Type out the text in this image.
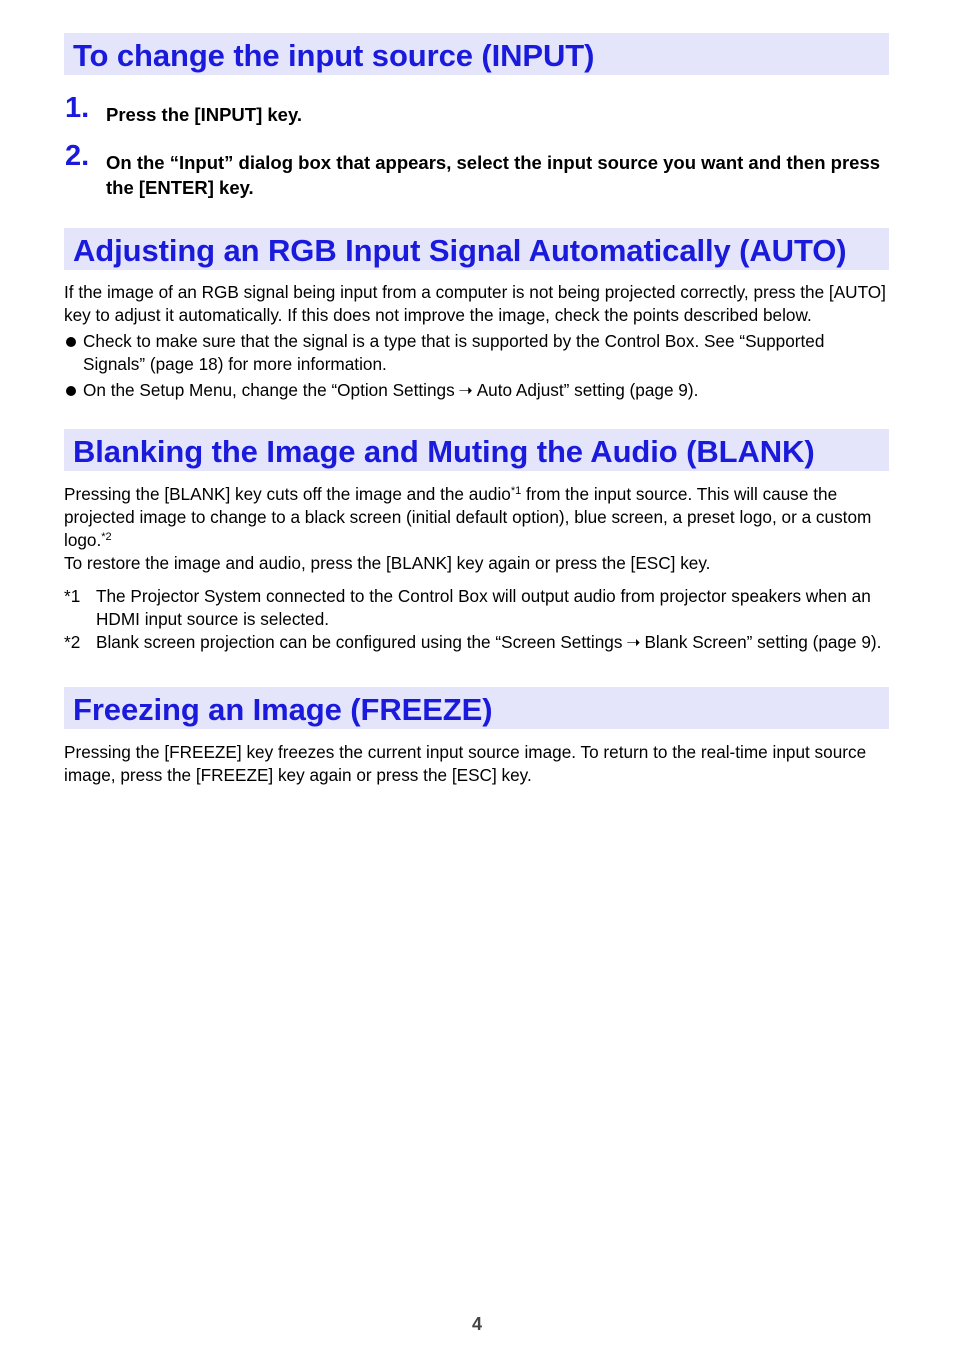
To change the input source (INPUT)
1. Press the [INPUT] key.
2. On the “Input” dialog box that appears, select the input source you want and then press the [ENTER] key.
Adjusting an RGB Input Signal Automatically (AUTO)

If the image of an RGB signal being input from a computer is not being projected correctly, press the [AUTO] key to adjust it automatically. If this does not improve the image, check the points described below.

Check to make sure that the signal is a type that is supported by the Control Box. See “Supported Signals” (page 18) for more information.
On the Setup Menu, change the “Option Settings ➝ Auto Adjust” setting (page 9).
Blanking the Image and Muting the Audio (BLANK)

Pressing the [BLANK] key cuts off the image and the audio$^{*1}$ from the input source. This will cause the projected image to change to a black screen (initial default option), blue screen, a preset logo, or a custom logo.$^{*2}$

To restore the image and audio, press the [BLANK] key again or press the [ESC] key.

*1 The Projector System connected to the Control Box will output audio from projector speakers when an HDMI input source is selected.
*2 Blank screen projection can be configured using the “Screen Settings ➝ Blank Screen” setting (page 9).
Freezing an Image (FREEZE)

Pressing the [FREEZE] key freezes the current input source image. To return to the real-time input source image, press the [FREEZE] key again or press the [ESC] key.

4
